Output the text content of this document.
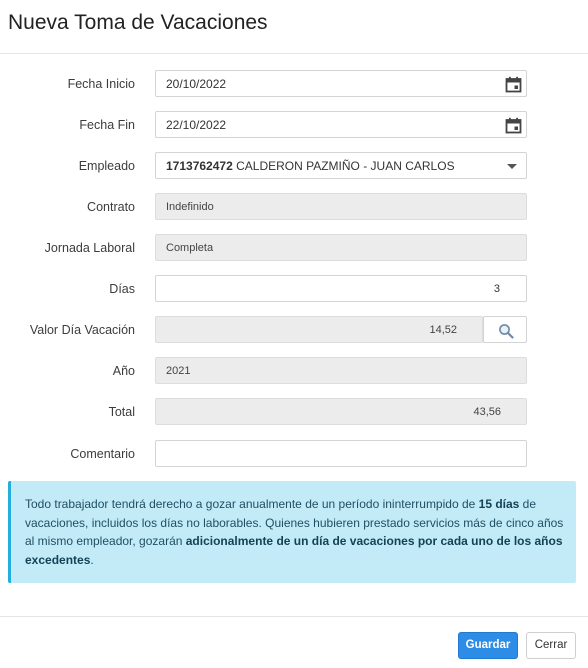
Nueva Toma de Vacaciones
Fecha Inicio	20/10/2022
Fecha Fin	22/10/2022
Empleado	1713762472 CALDERON PAZMIÑO - JUAN CARLOS
Contrato	Indefinido
Jornada Laboral	Completa
Días	3
Valor Día Vacación	14,52
Año	2021
Total	43,56
Comentario
Todo trabajador tendrá derecho a gozar anualmente de un período ininterrumpido de 15 días de vacaciones, incluidos los días no laborables. Quienes hubieren prestado servicios más de cinco años al mismo empleador, gozarán adicionalmente de un día de vacaciones por cada uno de los años excedentes.
Guardar	Cerrar
